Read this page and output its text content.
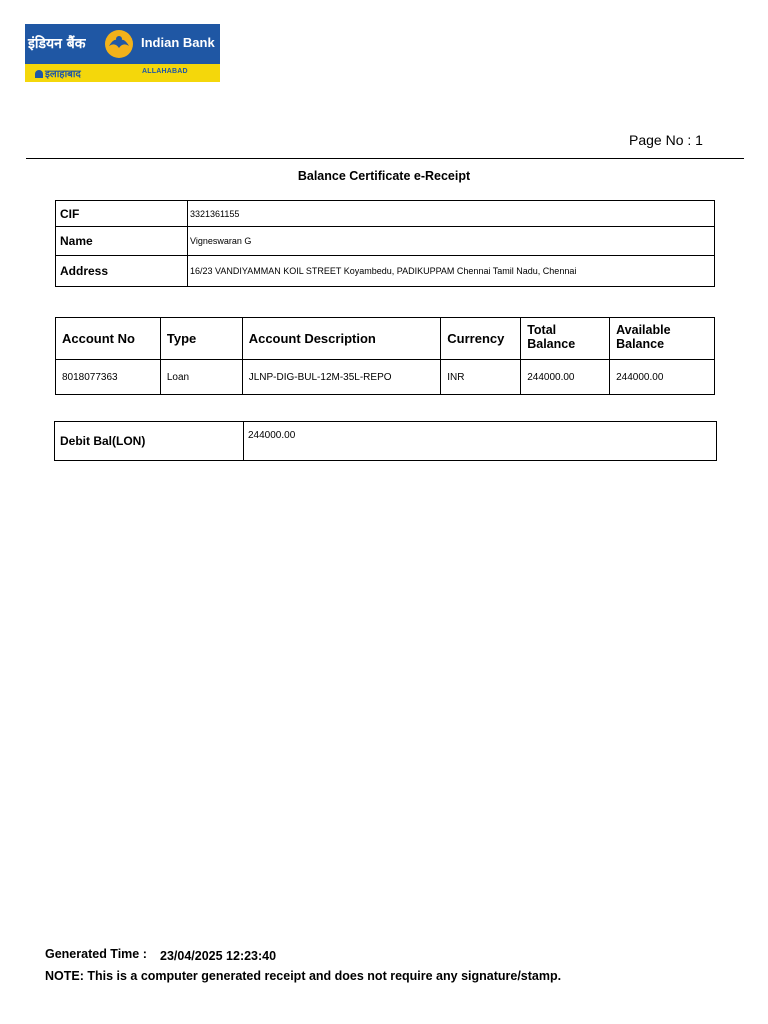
इंडियन बैंक	Indian Bank
इलाहाबाद	ALLAHABAD
Page No : 1
Balance Certificate e-Receipt
CIF	3321361155
Name	Vigneswaran G
Address	16/23 VANDIYAMMAN KOIL STREET Koyambedu, PADIKUPPAM Chennai Tamil Nadu, Chennai
Account No	Type	Account Description	Currency	Total Balance	Available Balance
8018077363	Loan	JLNP-DIG-BUL-12M-35L-REPO	INR	244000.00	244000.00
Debit Bal(LON)	244000.00
Generated Time : 23/04/2025 12:23:40
NOTE: This is a computer generated receipt and does not require any signature/stamp.
